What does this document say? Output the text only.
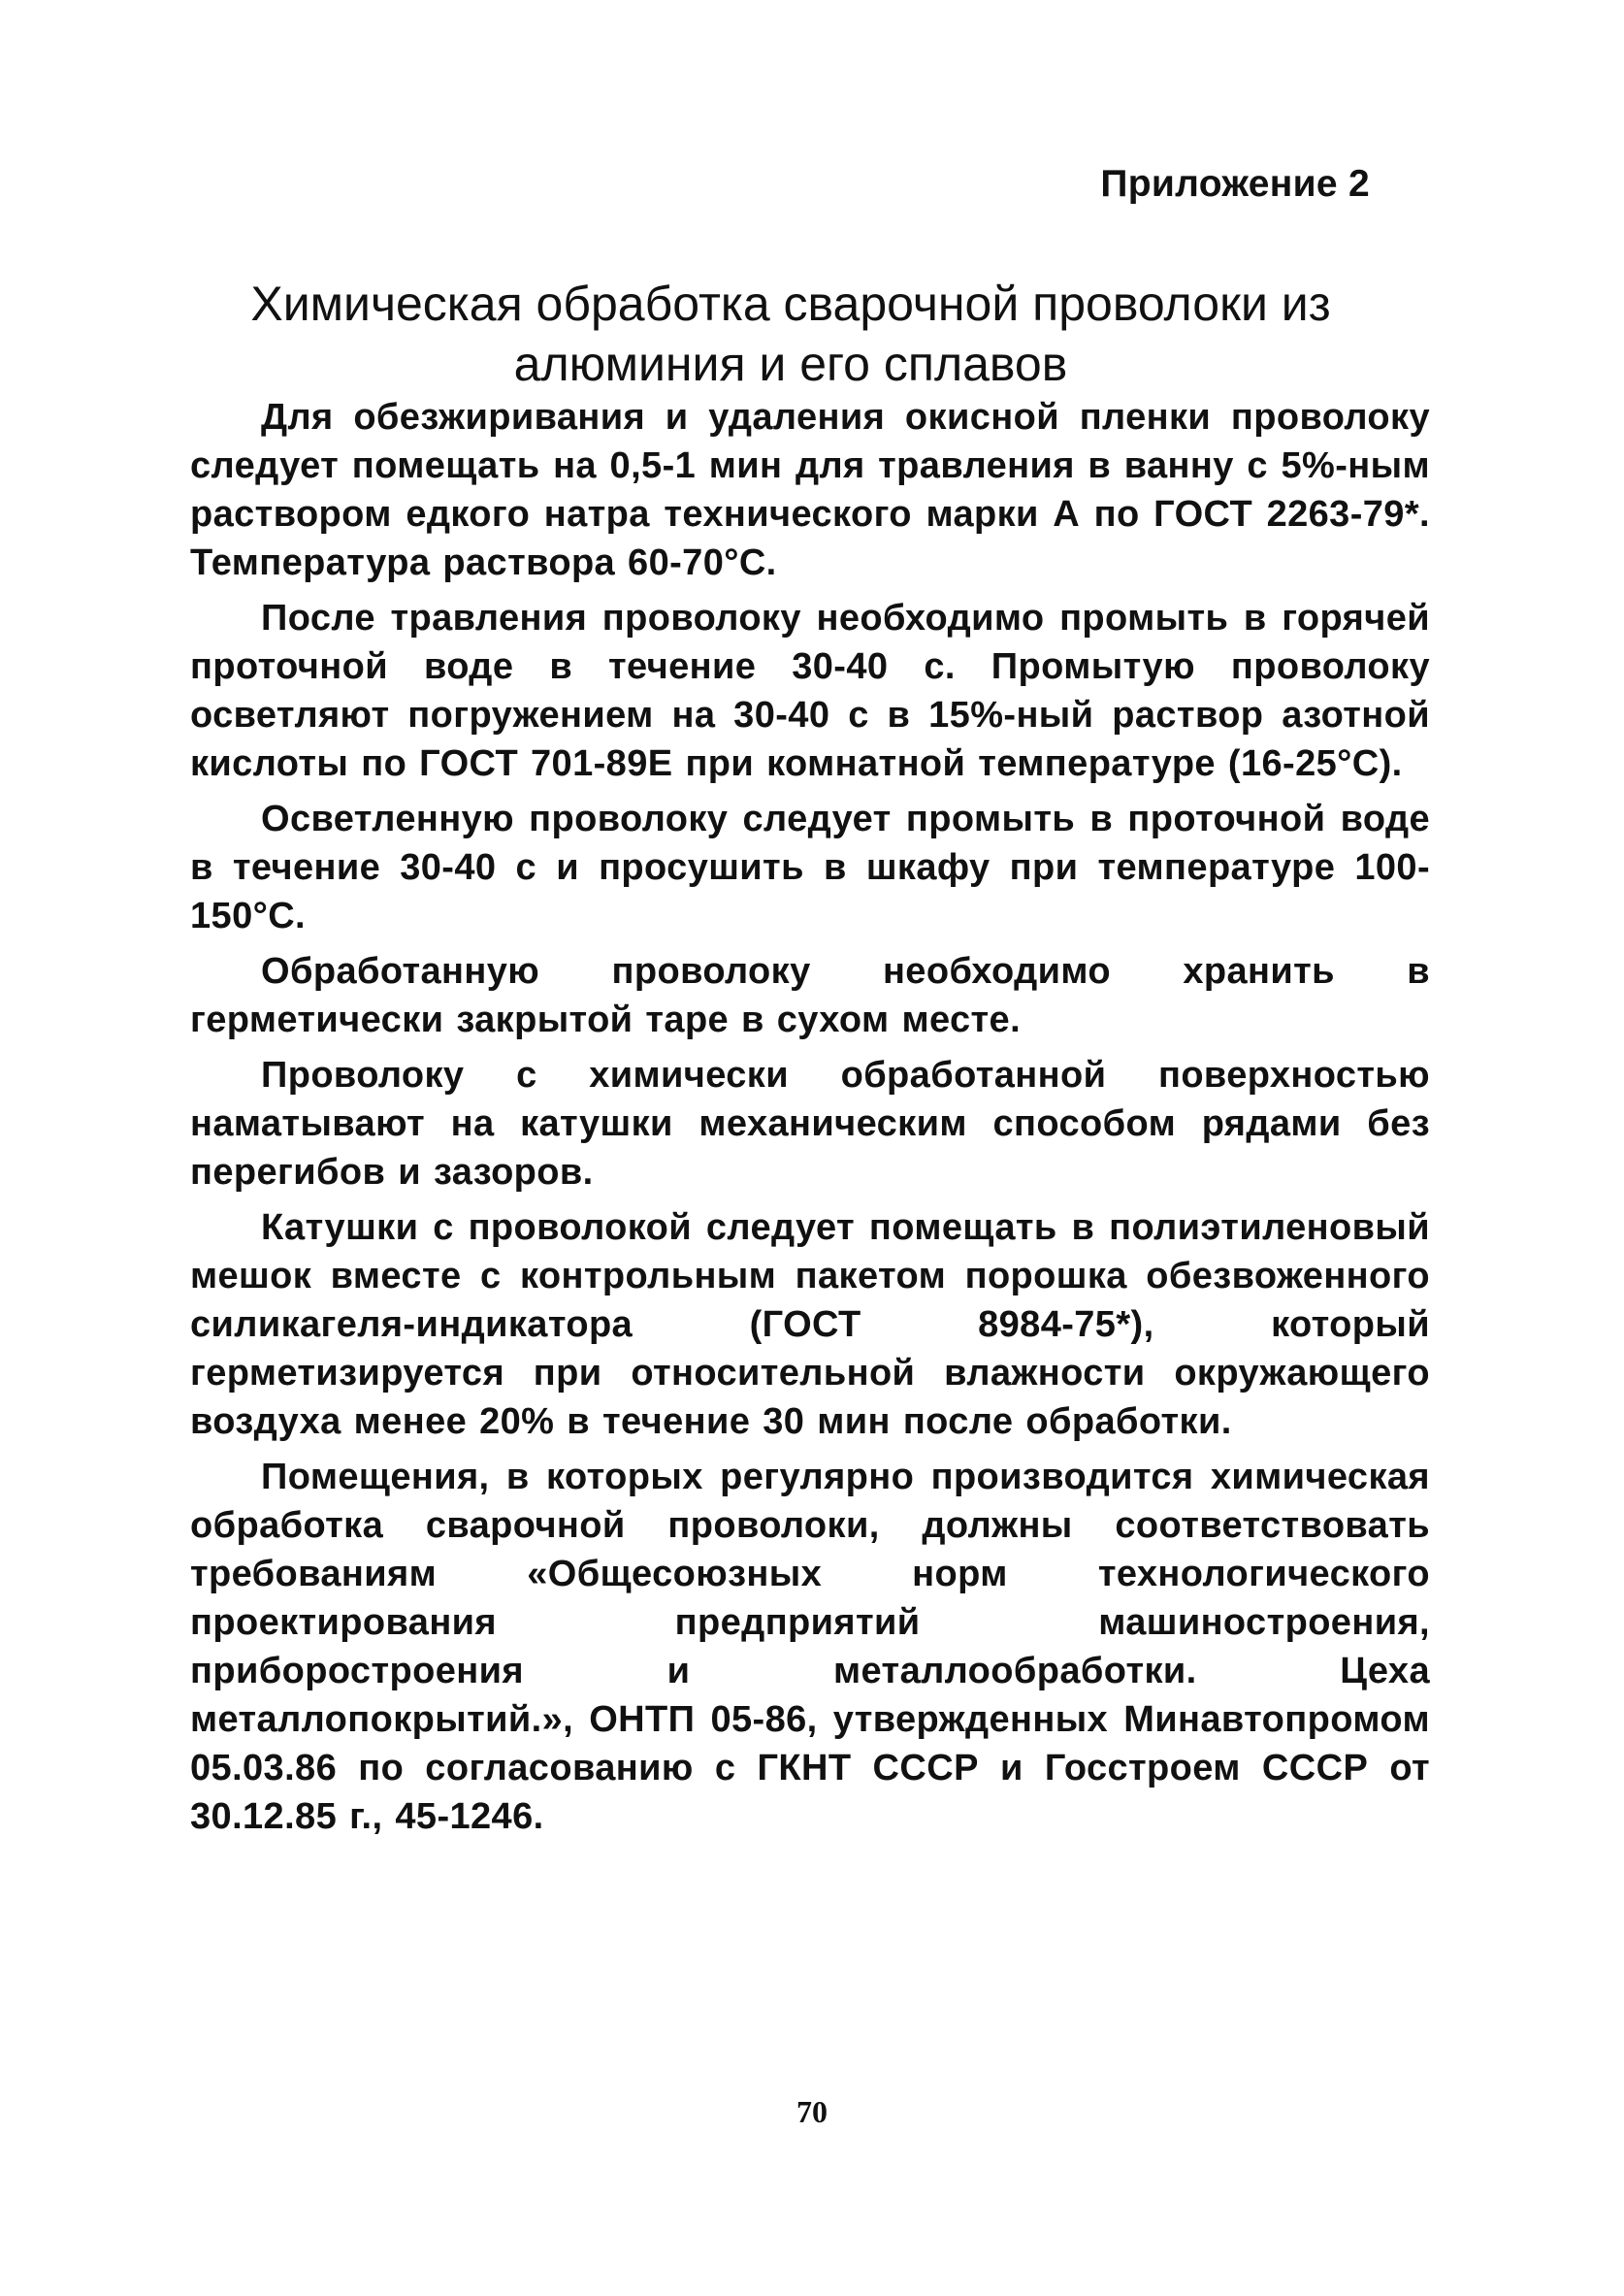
Приложение 2
Химическая обработка сварочной проволоки из алюминия и его сплавов

Для обезжиривания и удаления окисной пленки проволоку следует помещать на 0,5-1 мин для травления в ванну с 5%-ным раствором едкого натра технического марки А по ГОСТ 2263-79*. Температура раствора 60-70°С.

После травления проволоку необходимо промыть в горячей проточной воде в течение 30-40 с. Промытую проволоку осветляют погружением на 30-40 с в 15%-ный раствор азотной кислоты по ГОСТ 701-89Е при комнатной температуре (16-25°С).

Осветленную проволоку следует промыть в проточной воде в течение 30-40 с и просушить в шкафу при температуре 100-150°С.

Обработанную проволоку необходимо хранить в герметически закрытой таре в сухом месте.

Проволоку с химически обработанной поверхностью наматывают на катушки механическим способом рядами без перегибов и зазоров.

Катушки с проволокой следует помещать в полиэтиленовый мешок вместе с контрольным пакетом порошка обезвоженного силикагеля-индикатора (ГОСТ 8984-75*), который герметизируется при относительной влажности окружающего воздуха менее 20% в течение 30 мин после обработки.

Помещения, в которых регулярно производится химическая обработка сварочной проволоки, должны соответствовать требованиям «Общесоюзных норм технологического проектирования предприятий машиностроения, приборостроения и металлообработки. Цеха металлопокрытий.», ОНТП 05-86, утвержденных Минавтопромом 05.03.86 по согласованию с ГКНТ СССР и Госстроем СССР от 30.12.85 г., 45-1246.

70
